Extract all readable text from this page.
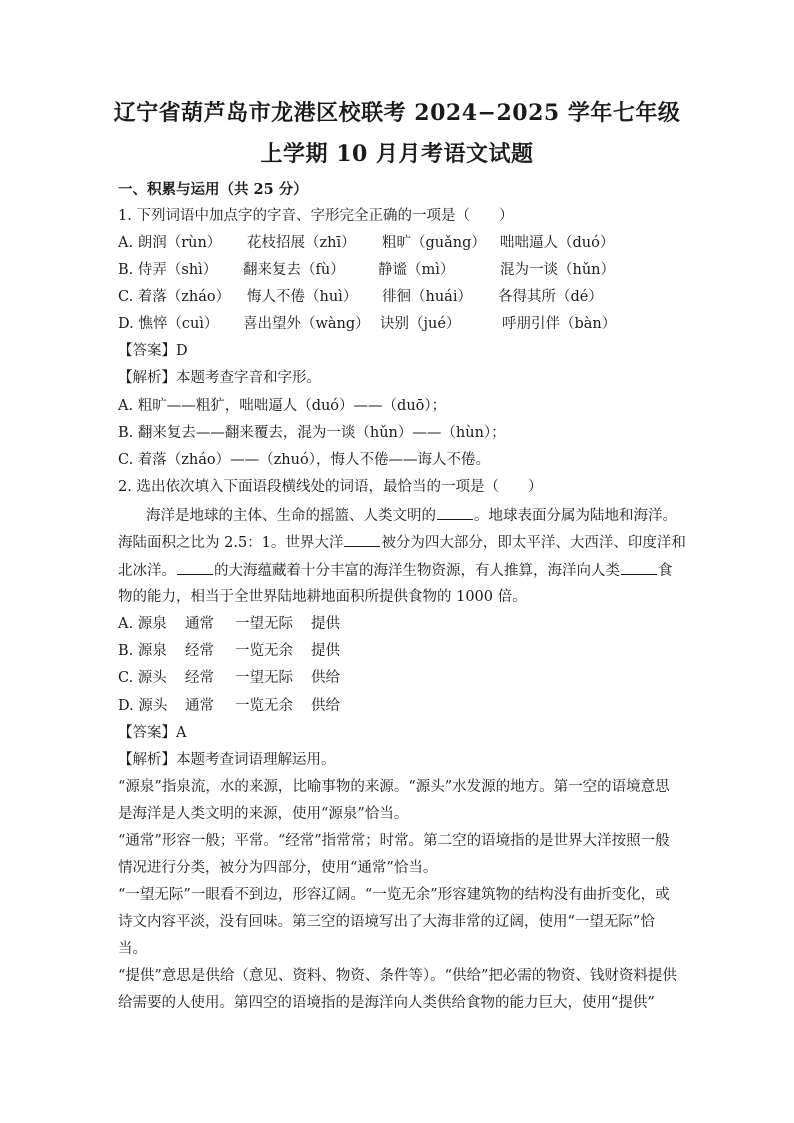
辽宁省葫芦岛市龙港区校联考 2024−2025 学年七年级
上学期 10 月月考语文试题
一、积累与运用（共 25 分）
1. 下列词语中加点字的字音、字形完全正确的一项是（　　）
A. 朗润（rùn） 花枝招展（zhī） 粗旷（guǎng） 咄咄逼人（duó）
B. 侍弄（shì） 翻来复去（fù） 静谧（mì）	混为一谈（hǔn）
C. 着落（zháo） 悔人不倦（huì） 徘徊（huái） 各得其所（dé）
D. 憔悴（cuì） 喜出望外（wàng） 诀别（jué）	呼朋引伴（bàn）
【答案】D
【解析】本题考查字音和字形。
A. 粗旷——粗犷，咄咄逼人（duó）——（duō）；
B. 翻来复去——翻来覆去，混为一谈（hǔn）——（hùn）；
C. 着落（zháo）——（zhuó），悔人不倦——诲人不倦。
2. 选出依次填入下面语段横线处的词语，最恰当的一项是（　　）
海洋是地球的主体、生命的摇篮、人类文明的	。地球表面分属为陆地和海洋。
海陆面积之比为 2.5：1。世界大洋	被分为四大部分，即太平洋、大西洋、印度洋和
北冰洋。	的大海蕴藏着十分丰富的海洋生物资源，有人推算，海洋向人类	食
物的能力，相当于全世界陆地耕地面积所提供食物的 1000 倍。
A. 源泉 通常 一望无际 提供
B. 源泉 经常 一览无余 提供
C. 源头 经常 一望无际 供给
D. 源头 通常 一览无余 供给
【答案】A
【解析】本题考查词语理解运用。
“源泉”指泉流，水的来源，比喻事物的来源。“源头”水发源的地方。第一空的语境意思是海洋是人类文明的来源，使用“源泉”恰当。
“通常”形容一般；平常。“经常”指常常；时常。第二空的语境指的是世界大洋按照一般情况进行分类，被分为四部分，使用“通常”恰当。
“一望无际”一眼看不到边，形容辽阔。“一览无余”形容建筑物的结构没有曲折变化，或诗文内容平淡，没有回味。第三空的语境写出了大海非常的辽阔，使用“一望无际”恰当。
“提供”意思是供给（意见、资料、物资、条件等）。“供给”把必需的物资、钱财资料提供给需要的人使用。第四空的语境指的是海洋向人类供给食物的能力巨大，使用“提供”
